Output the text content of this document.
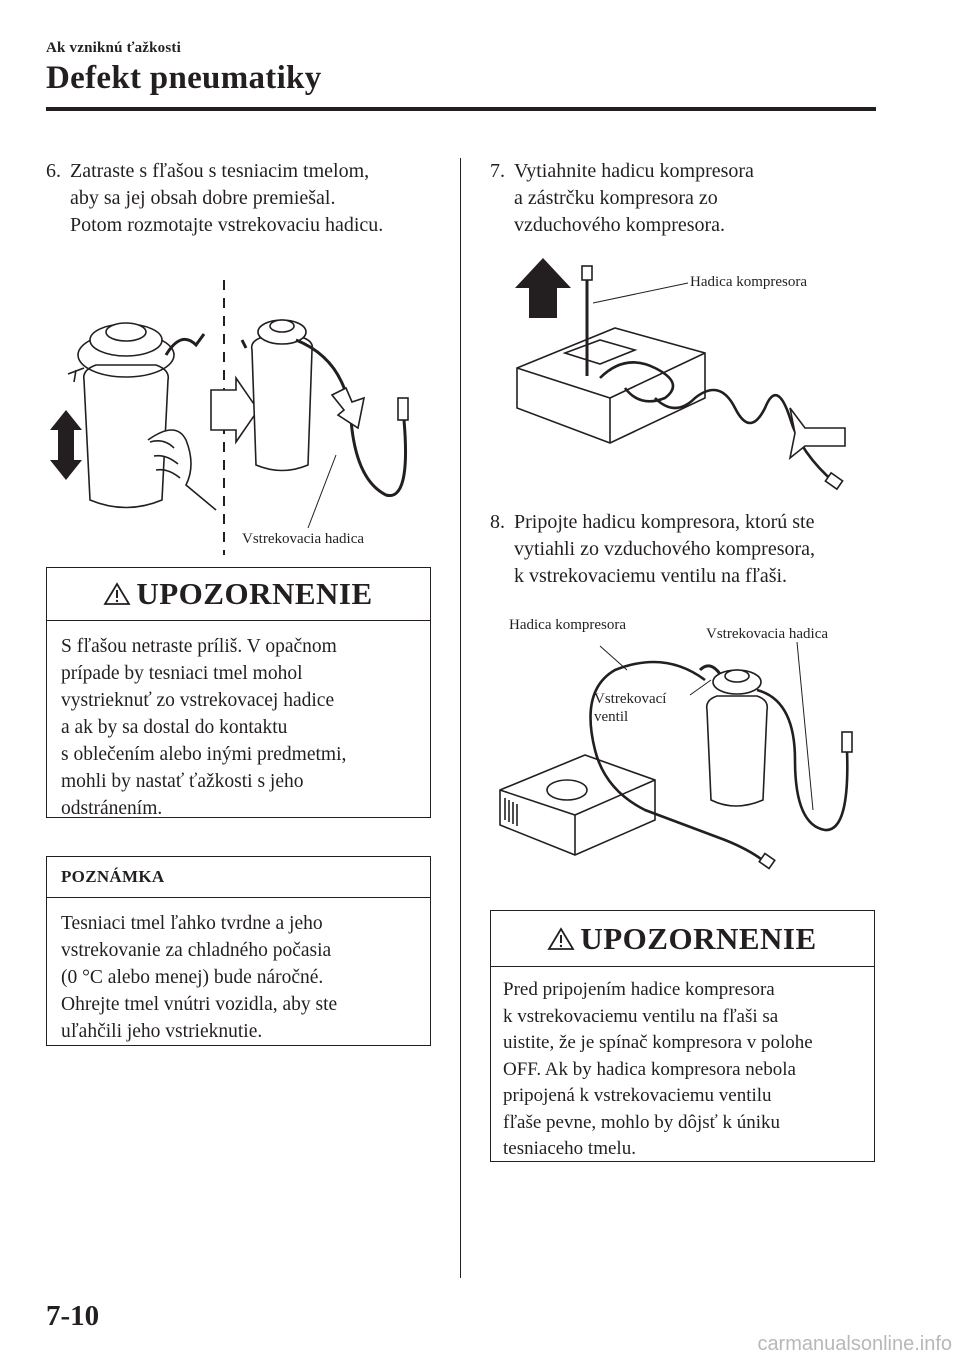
Ak vzniknú ťažkosti
Defekt pneumatiky
6. Zatraste s fľašou s tesniacim tmelom,
aby sa jej obsah dobre premiešal.
Potom rozmotajte vstrekovaciu hadicu.
Vstrekovacia hadica
UPOZORNENIE
S fľašou netraste príliš. V opačnom
prípade by tesniaci tmel mohol
vystrieknuť zo vstrekovacej hadice
a ak by sa dostal do kontaktu
s oblečením alebo inými predmetmi,
mohli by nastať ťažkosti s jeho
odstránením.
POZNÁMKA
Tesniaci tmel ľahko tvrdne a jeho
vstrekovanie za chladného počasia
(0 °C alebo menej) bude náročné.
Ohrejte tmel vnútri vozidla, aby ste
uľahčili jeho vstrieknutie.
7. Vytiahnite hadicu kompresora
a zástrčku kompresora zo
vzduchového kompresora.
Hadica kompresora
8. Pripojte hadicu kompresora, ktorú ste
vytiahli zo vzduchového kompresora,
k vstrekovaciemu ventilu na fľaši.
Hadica kompresora
Vstrekovacia hadica
Vstrekovací
ventil
UPOZORNENIE
Pred pripojením hadice kompresora
k vstrekovaciemu ventilu na fľaši sa
uistite, že je spínač kompresora v polohe
OFF. Ak by hadica kompresora nebola
pripojená k vstrekovaciemu ventilu
fľaše pevne, mohlo by dôjsť k úniku
tesniaceho tmelu.
7-10
carmanualsonline.info
